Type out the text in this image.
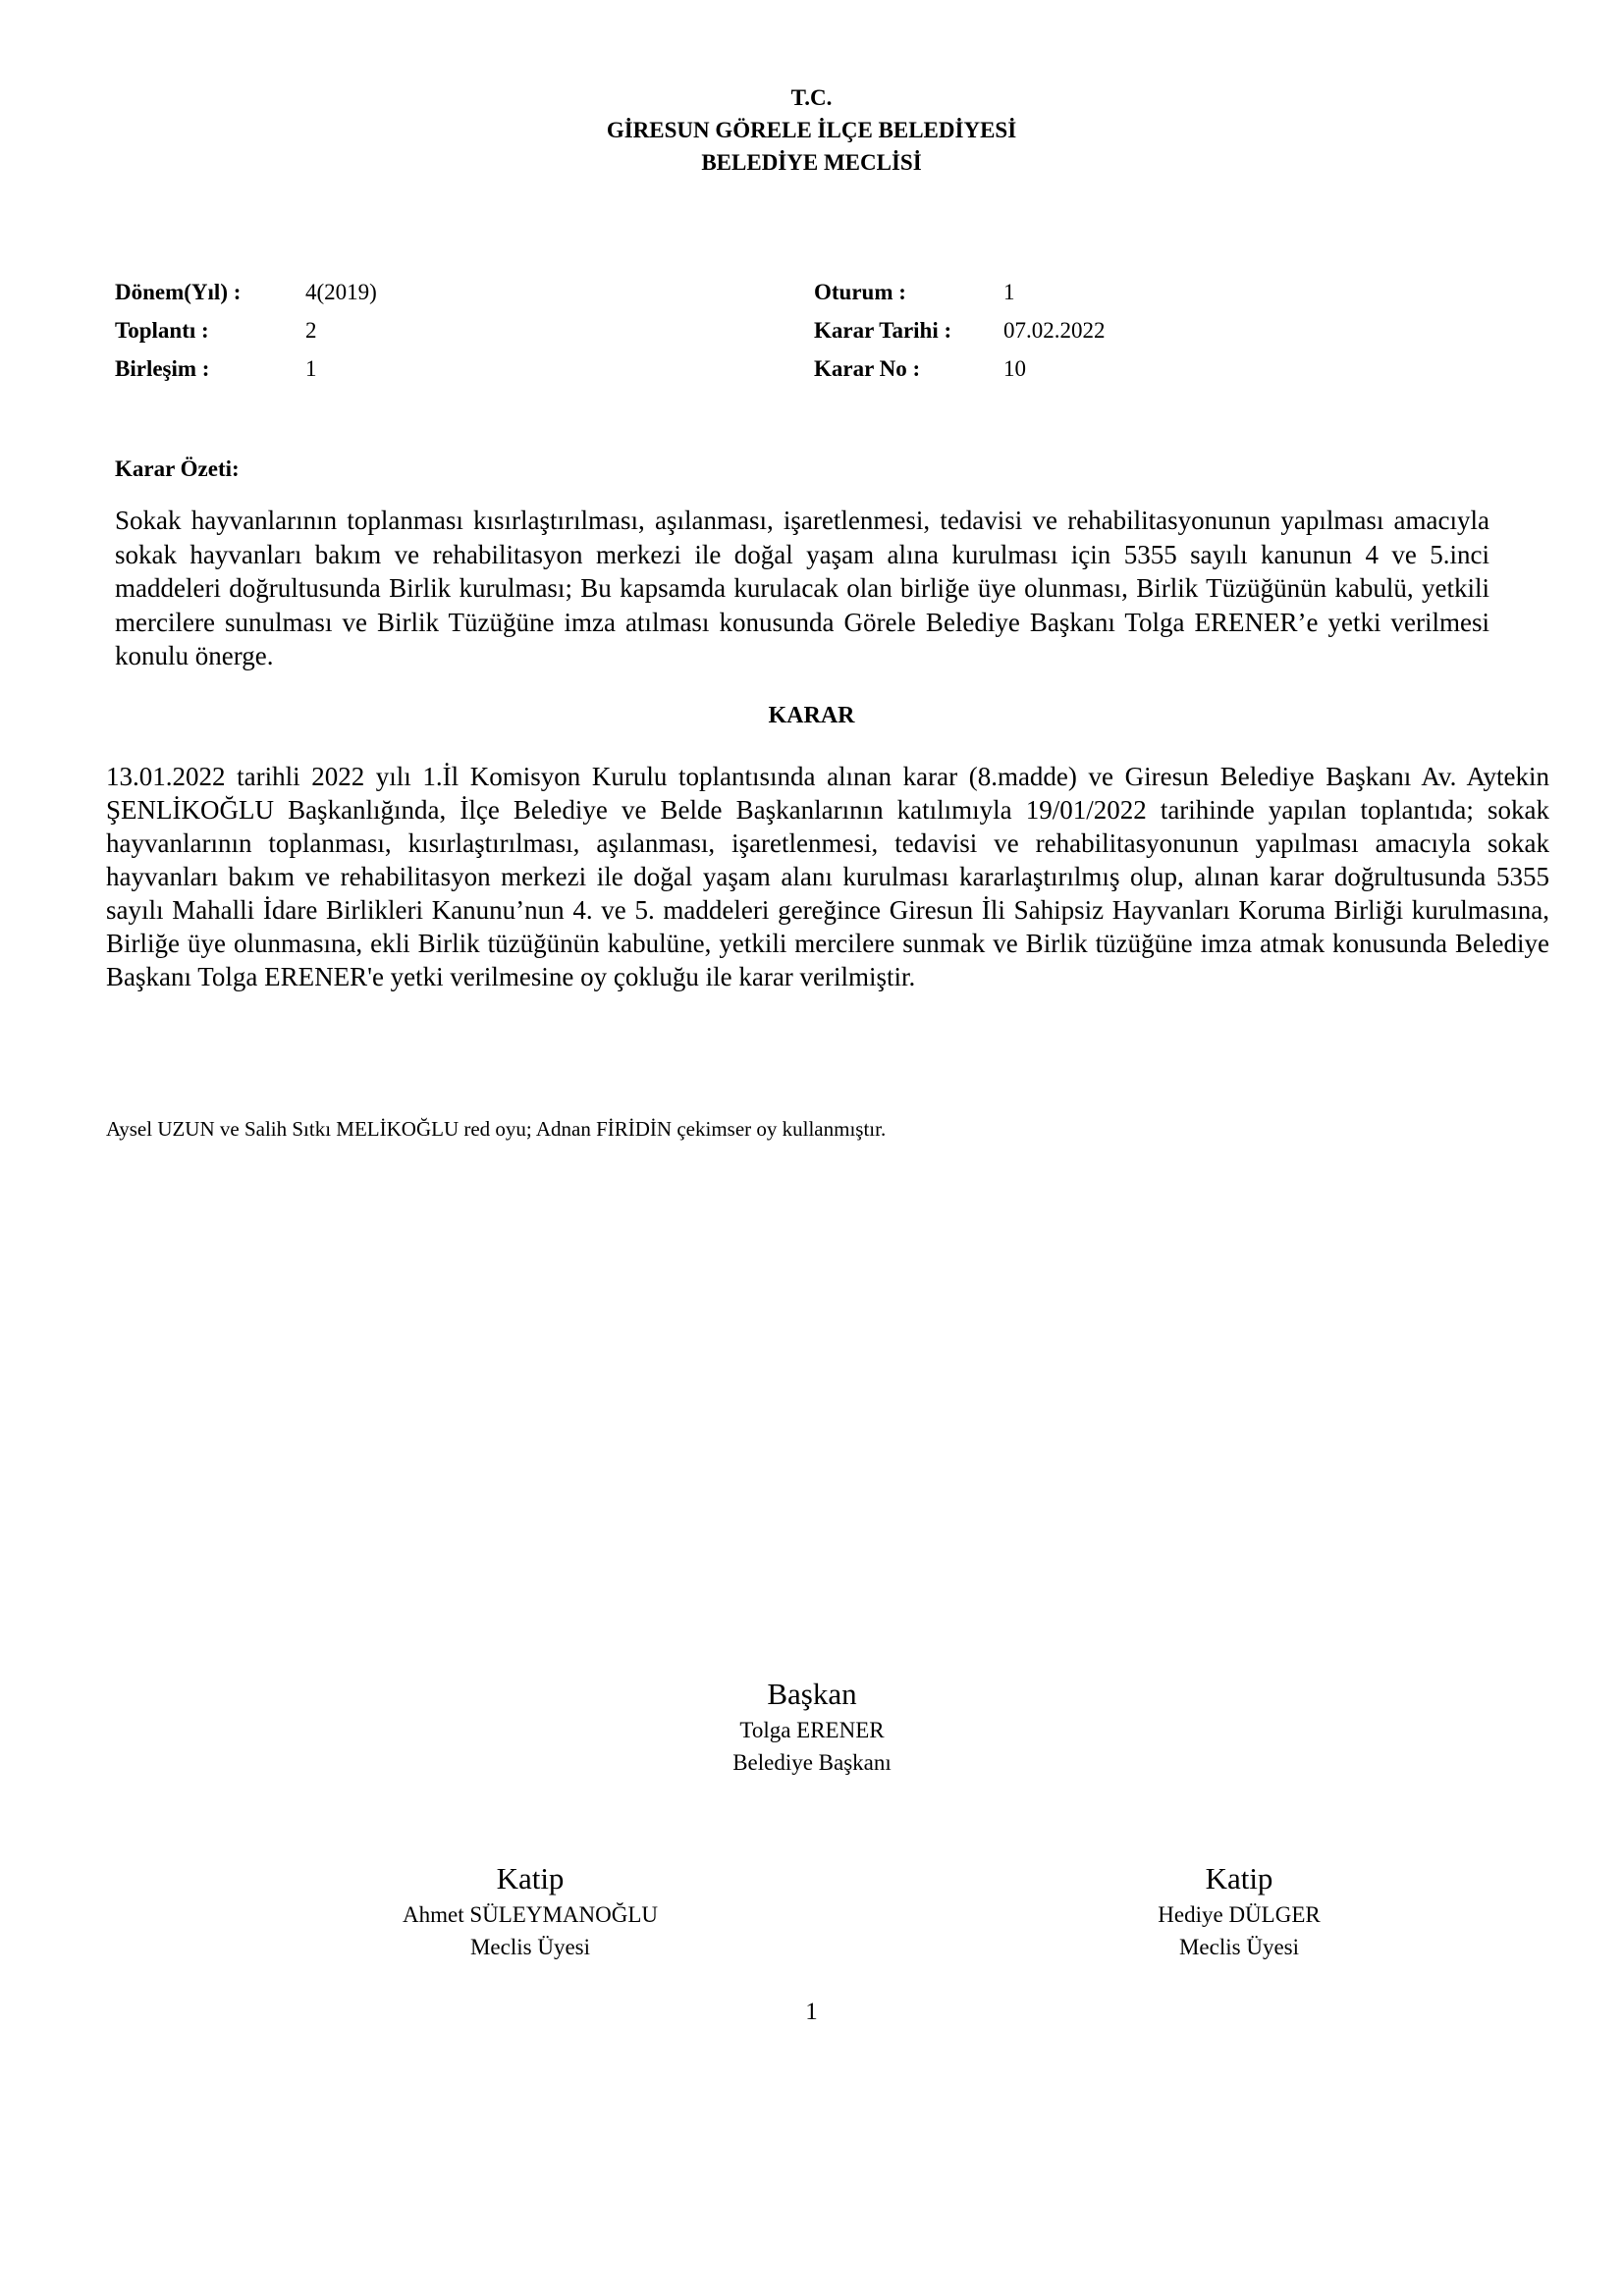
T.C.
GİRESUN GÖRELE İLÇE BELEDİYESİ
BELEDİYE MECLİSİ
Dönem(Yıl) :	4(2019)
Toplantı :	2
Birleşim :	1
Oturum :	1
Karar Tarihi : 07.02.2022
Karar No :	10
Karar Özeti:
Sokak hayvanlarının toplanması kısırlaştırılması, aşılanması, işaretlenmesi, tedavisi ve rehabilitasyonunun yapılması amacıyla sokak hayvanları bakım ve rehabilitasyon merkezi ile doğal yaşam alına kurulması için 5355 sayılı kanunun 4 ve 5.inci maddeleri doğrultusunda Birlik kurulması; Bu kapsamda kurulacak olan birliğe üye olunması, Birlik Tüzüğünün kabulü, yetkili mercilere sunulması ve Birlik Tüzüğüne imza atılması konusunda Görele Belediye Başkanı Tolga ERENER’e yetki verilmesi konulu önerge.
KARAR
13.01.2022 tarihli 2022 yılı 1.İl Komisyon Kurulu toplantısında alınan karar (8.madde) ve Giresun Belediye Başkanı Av. Aytekin ŞENLİKOĞLU Başkanlığında, İlçe Belediye ve Belde Başkanlarının katılımıyla 19/01/2022 tarihinde yapılan toplantıda; sokak hayvanlarının toplanması, kısırlaştırılması, aşılanması, işaretlenmesi, tedavisi ve rehabilitasyonunun yapılması amacıyla sokak hayvanları bakım ve rehabilitasyon merkezi ile doğal yaşam alanı kurulması kararlaştırılmış olup, alınan karar doğrultusunda 5355 sayılı Mahalli İdare Birlikleri Kanunu’nun 4. ve 5. maddeleri gereğince Giresun İli Sahipsiz Hayvanları Koruma Birliği kurulmasına, Birliğe üye olunmasına, ekli Birlik tüzüğünün kabulüne, yetkili mercilere sunmak ve Birlik tüzüğüne imza atmak konusunda Belediye Başkanı Tolga ERENER'e yetki verilmesine oy çokluğu ile karar verilmiştir.
Aysel UZUN ve Salih Sıtkı MELİKOĞLU red oyu; Adnan FİRİDİN çekimser oy kullanmıştır.
Başkan
Tolga ERENER
Belediye Başkanı
Katip
Ahmet SÜLEYMANOĞLU
Meclis Üyesi
Katip
Hediye DÜLGER
Meclis Üyesi
1
